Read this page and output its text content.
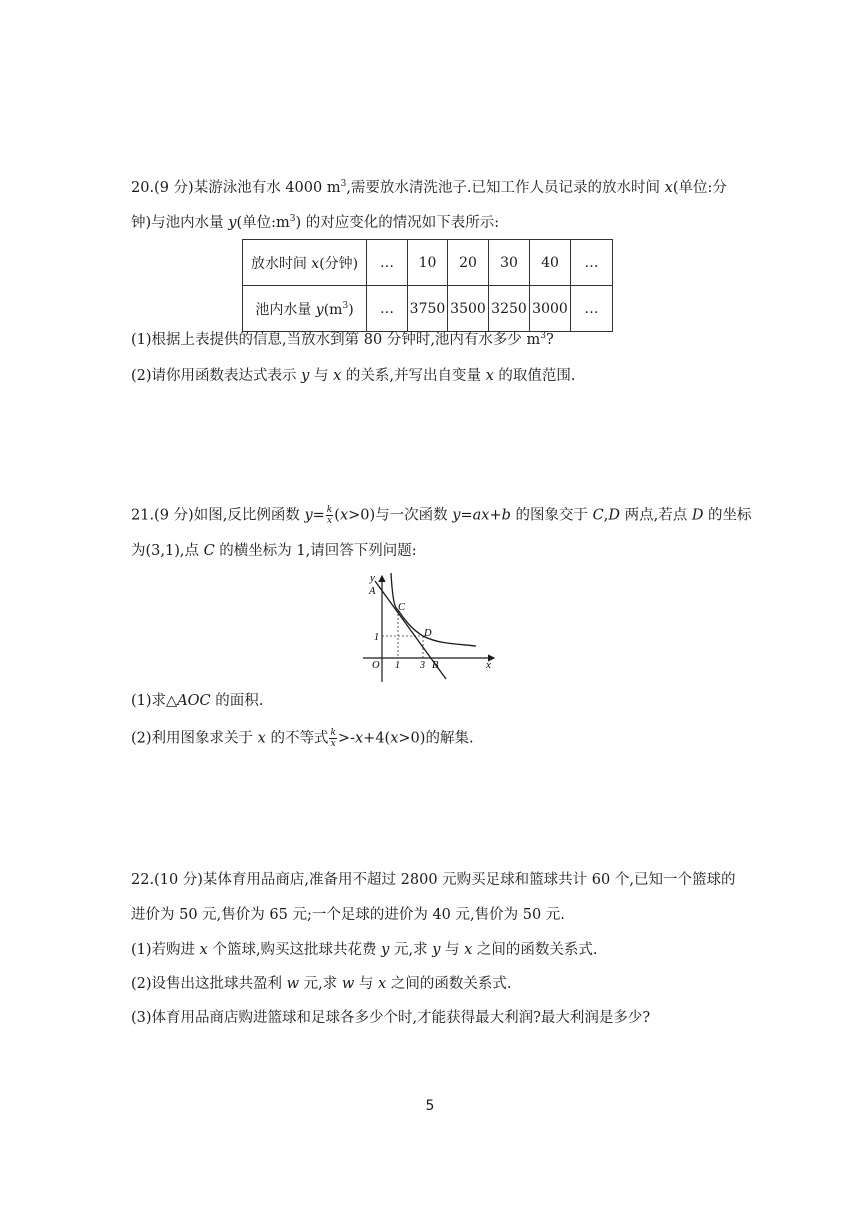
20.(9 分)某游泳池有水 4000 $m^3$,需要放水清洗池子.已知工作人员记录的放水时间 x(单位:分
钟)与池内水量 y(单位$:m^3$) 的对应变化的情况如下表所示:
放水时间 x(分钟)	…	10	20	30	40	…
池内水量 $y(m^3)$	…	3750	3500	3250	3000	…
(1)根据上表提供的信息,当放水到第 80 分钟时,池内有水多少 $m^3$?
(2)请你用函数表达式表示 y 与 x 的关系,并写出自变量 x 的取值范围.
21.(9 分)如图,反比例函数 $y= \frac{k}{x} (x>0)$与一次函数 y=ax+b 的图象交于 C,D 两点,若点 D 的坐标
为(3,1),点 C 的横坐标为 1,请回答下列问题:
y
x
A
C
D
O	B
1
1 3
(1)求△AOC 的面积.
(2)利用图象求关于 x 的不等式 $\frac{k}{x} >-x+4(x>0)$的解集.
22.(10 分)某体育用品商店,准备用不超过 2800 元购买足球和篮球共计 60 个,已知一个篮球的
进价为 50 元,售价为 65 元;一个足球的进价为 40 元,售价为 50 元.
(1)若购进 x 个篮球,购买这批球共花费 y 元,求 y 与 x 之间的函数关系式.
(2)设售出这批球共盈利 w 元,求 w 与 x 之间的函数关系式.
(3)体育用品商店购进篮球和足球各多少个时,才能获得最大利润?最大利润是多少?
5
